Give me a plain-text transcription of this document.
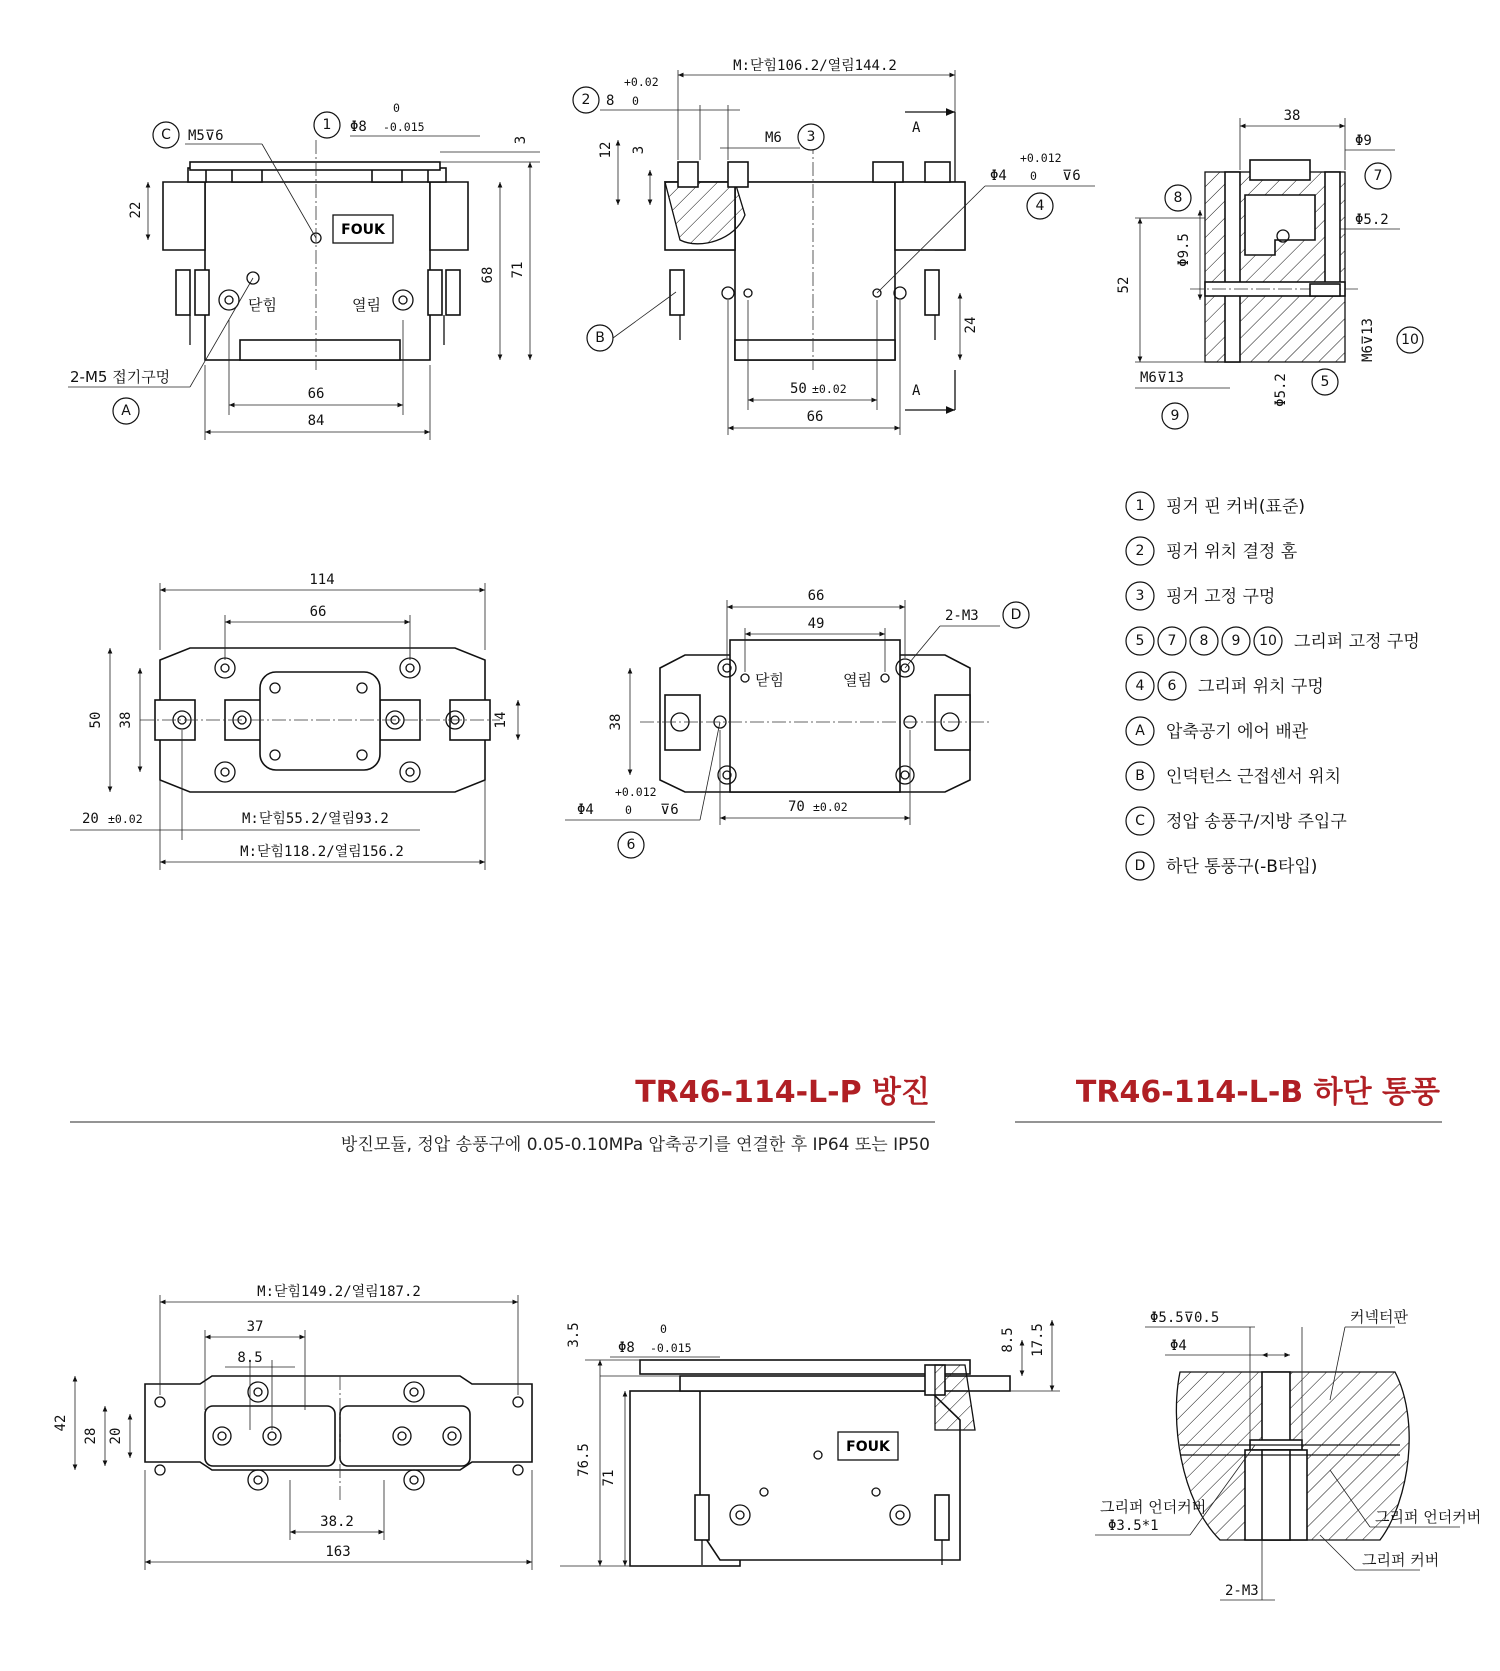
FOUK
66
84
68 71
22
3
1 Φ8
0
-0.015
C M5⊽6
닫힘	열림
2-M5 접기구멍
A
M:닫힘106.2/열림144.2
2 8
+0.02
0
12 3
M6 3
A
A
Φ4
+0.012
0 ⊽6
4
B
24
50 ±0.02
66
38
Φ9
7
8
Φ9.5
Φ5.2
52
M6⊽13 10
M6⊽13	Φ5.2 5
9
1 핑거 핀 커버(표준)
2 핑거 위치 결정 홈
3 핑거 고정 구멍
5 7 8 9 10 그리퍼 고정 구멍
4 6 그리퍼 위치 구멍
A 압축공기 에어 배관
B 인덕턴스 근접센서 위치
C 정압 송풍구/지방 주입구
D 하단 통풍구(-B타입)
114
66
50 38	14
20 ±0.02	M:닫힘55.2/열림93.2
M:닫힘118.2/열림156.2
66
49	2-M3 D
닫힘	열림
38
+0.012
0
Φ4	⊽6
6
70 ±0.02
TR46-114-L-P 방진
방진모듈, 정압 송풍구에 0.05-0.10MPa 압축공기를 연결한 후 IP64 또는 IP50
TR46-114-L-B 하단 통풍
M:닫힘149.2/열림187.2
37
8.5
42
28 20
38.2
163
FOUK
3.5
Φ8
0
-0.015
76.5
71
8.5 17.5
Φ5.5⊽0.5
Φ4
커넥터판
그리퍼 언더커버
Φ3.5*1	그리퍼 언더커버
그리퍼 커버
2-M3
